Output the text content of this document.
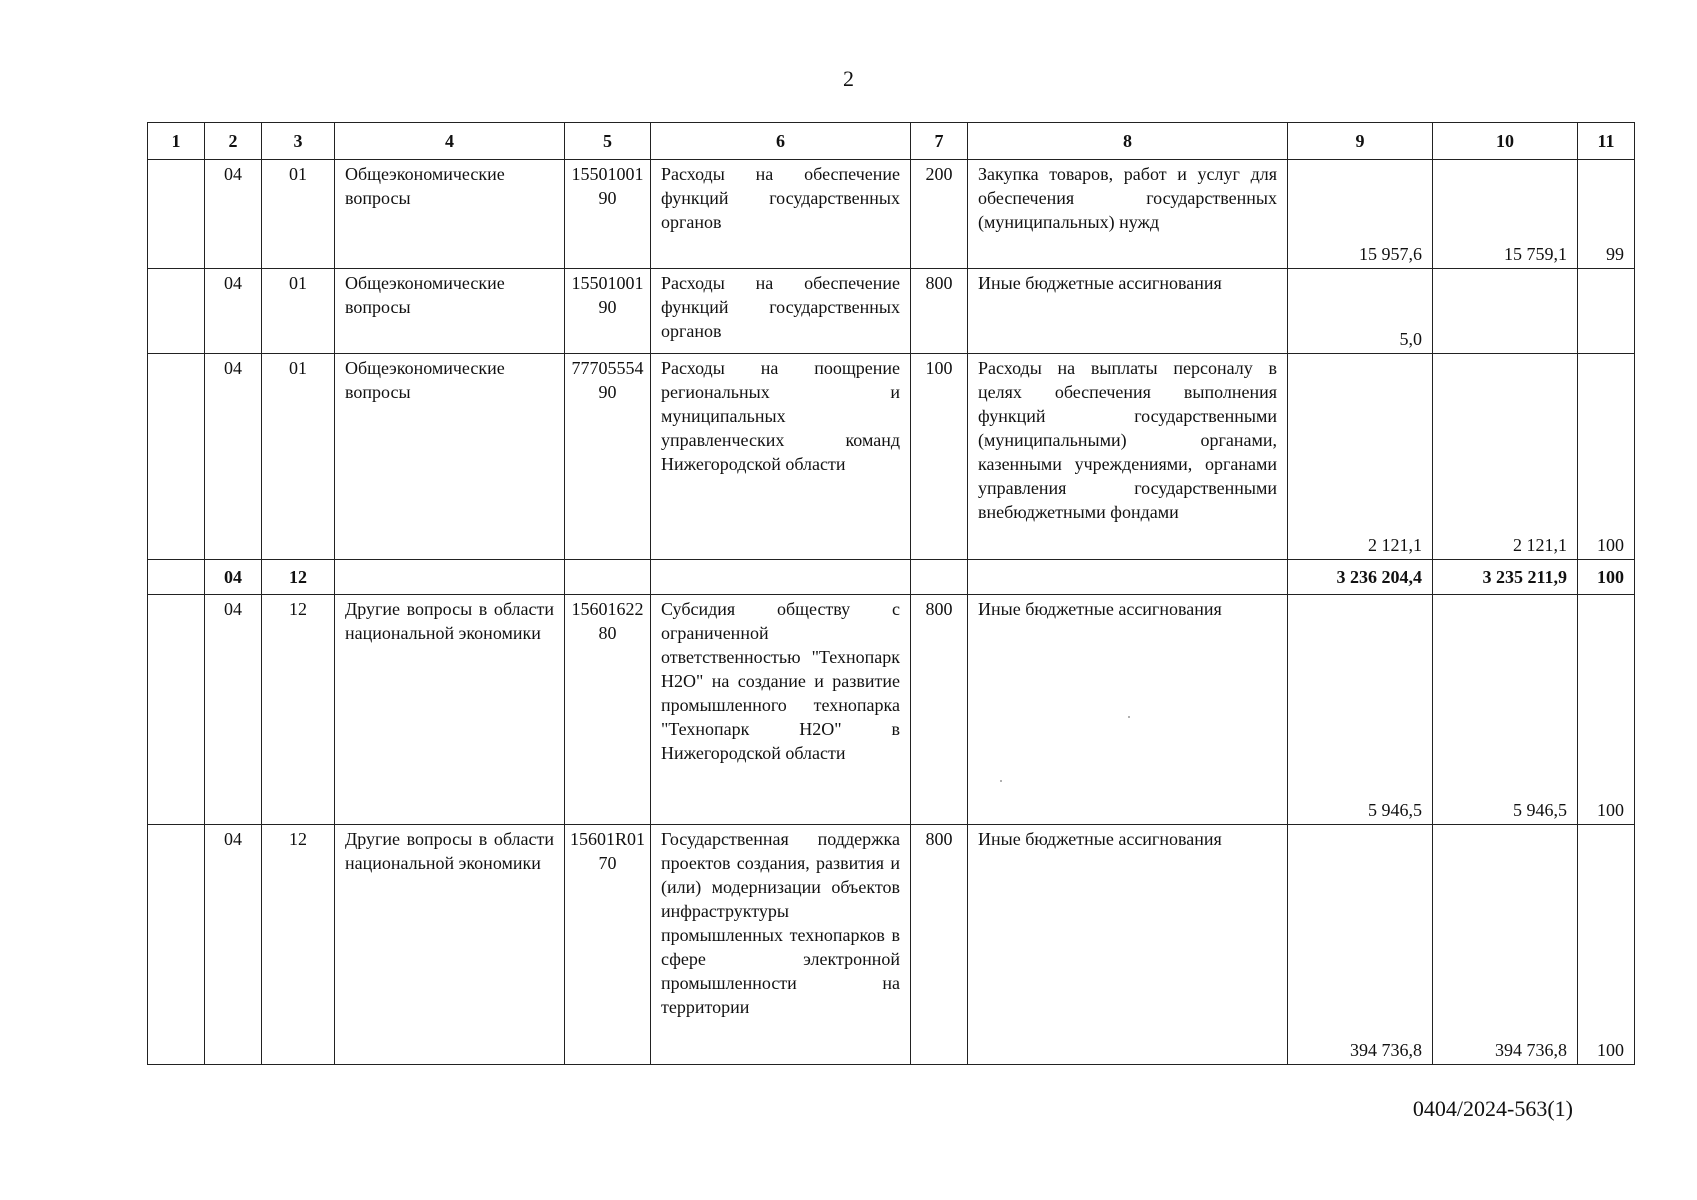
2
1	2	3	4	5	6	7	8	9	10	11
	04	01	Общеэкономические вопросы	1550100190	Расходы на обеспечение функций государственных органов	200	Закупка товаров, работ и услуг для обеспечения государственных (муниципальных) нужд	15 957,6	15 759,1	99
	04	01	Общеэкономические вопросы	1550100190	Расходы на обеспечение функций государственных органов	800	Иные бюджетные ассигнования	5,0		
	04	01	Общеэкономические вопросы	7770555490	Расходы на поощрение региональных и муниципальных управленческих команд Нижегородской области	100	Расходы на выплаты персоналу в целях обеспечения выполнения функций государственными (муниципальными) органами, казенными учреждениями, органами управления государственными внебюджетными фондами	2 121,1	2 121,1	100
	04	12						3 236 204,4	3 235 211,9	100
	04	12	Другие вопросы в области национальной экономики	1560162280	Субсидия обществу с ограниченной ответственностью "Технопарк Н2О" на создание и развитие промышленного технопарка "Технопарк Н2О" в Нижегородской области	800	Иные бюджетные ассигнования	5 946,5	5 946,5	100
	04	12	Другие вопросы в области национальной экономики	15601R0170	Государственная поддержка проектов создания, развития и (или) модернизации объектов инфраструктуры промышленных технопарков в сфере электронной промышленности на территории	800	Иные бюджетные ассигнования	394 736,8	394 736,8	100
0404/2024-563(1)
